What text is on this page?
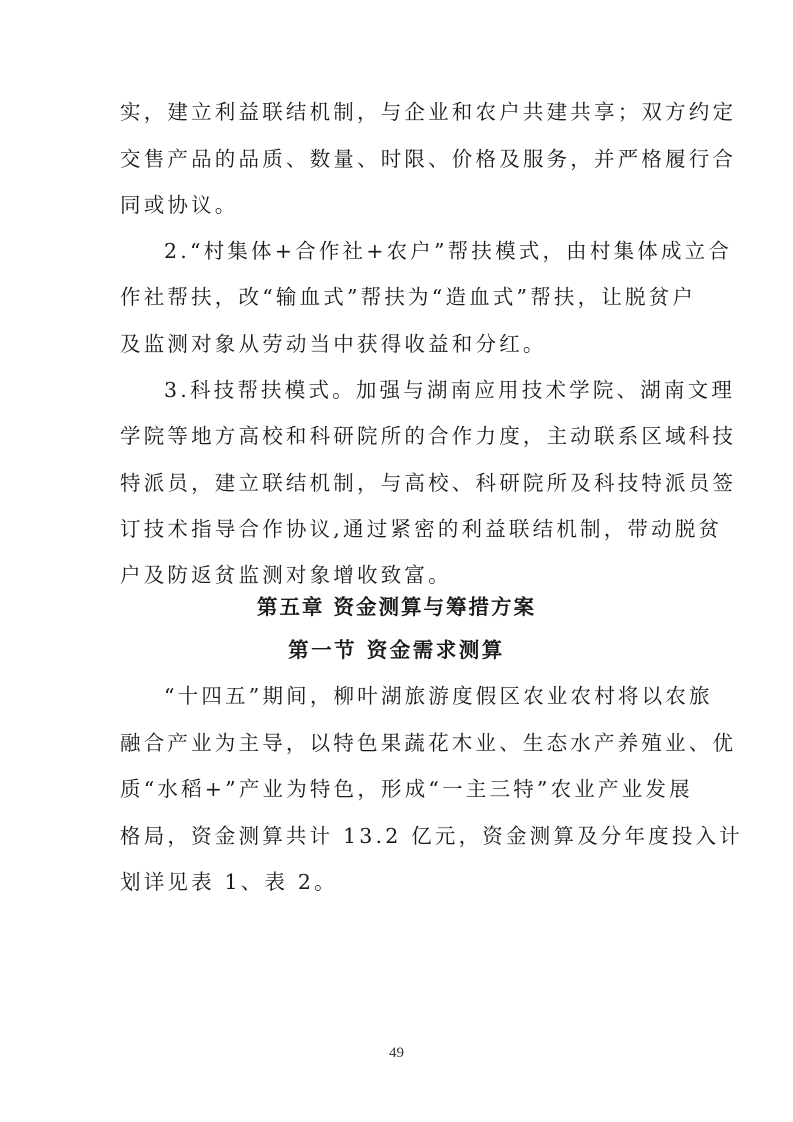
实，建立利益联结机制，与企业和农户共建共享；双方约定
交售产品的品质、数量、时限、价格及服务，并严格履行合
同或协议。
2.“村集体+合作社+农户”帮扶模式，由村集体成立合
作社帮扶，改“输血式”帮扶为“造血式”帮扶，让脱贫户
及监测对象从劳动当中获得收益和分红。
3.科技帮扶模式。加强与湖南应用技术学院、湖南文理
学院等地方高校和科研院所的合作力度，主动联系区域科技
特派员，建立联结机制，与高校、科研院所及科技特派员签
订技术指导合作协议,通过紧密的利益联结机制，带动脱贫
户及防返贫监测对象增收致富。
第五章 资金测算与筹措方案
第一节 资金需求测算
“十四五”期间，柳叶湖旅游度假区农业农村将以农旅
融合产业为主导，以特色果蔬花木业、生态水产养殖业、优
质“水稻+”产业为特色，形成“一主三特”农业产业发展
格局，资金测算共计 13.2 亿元，资金测算及分年度投入计
划详见表 1、表 2。
49
